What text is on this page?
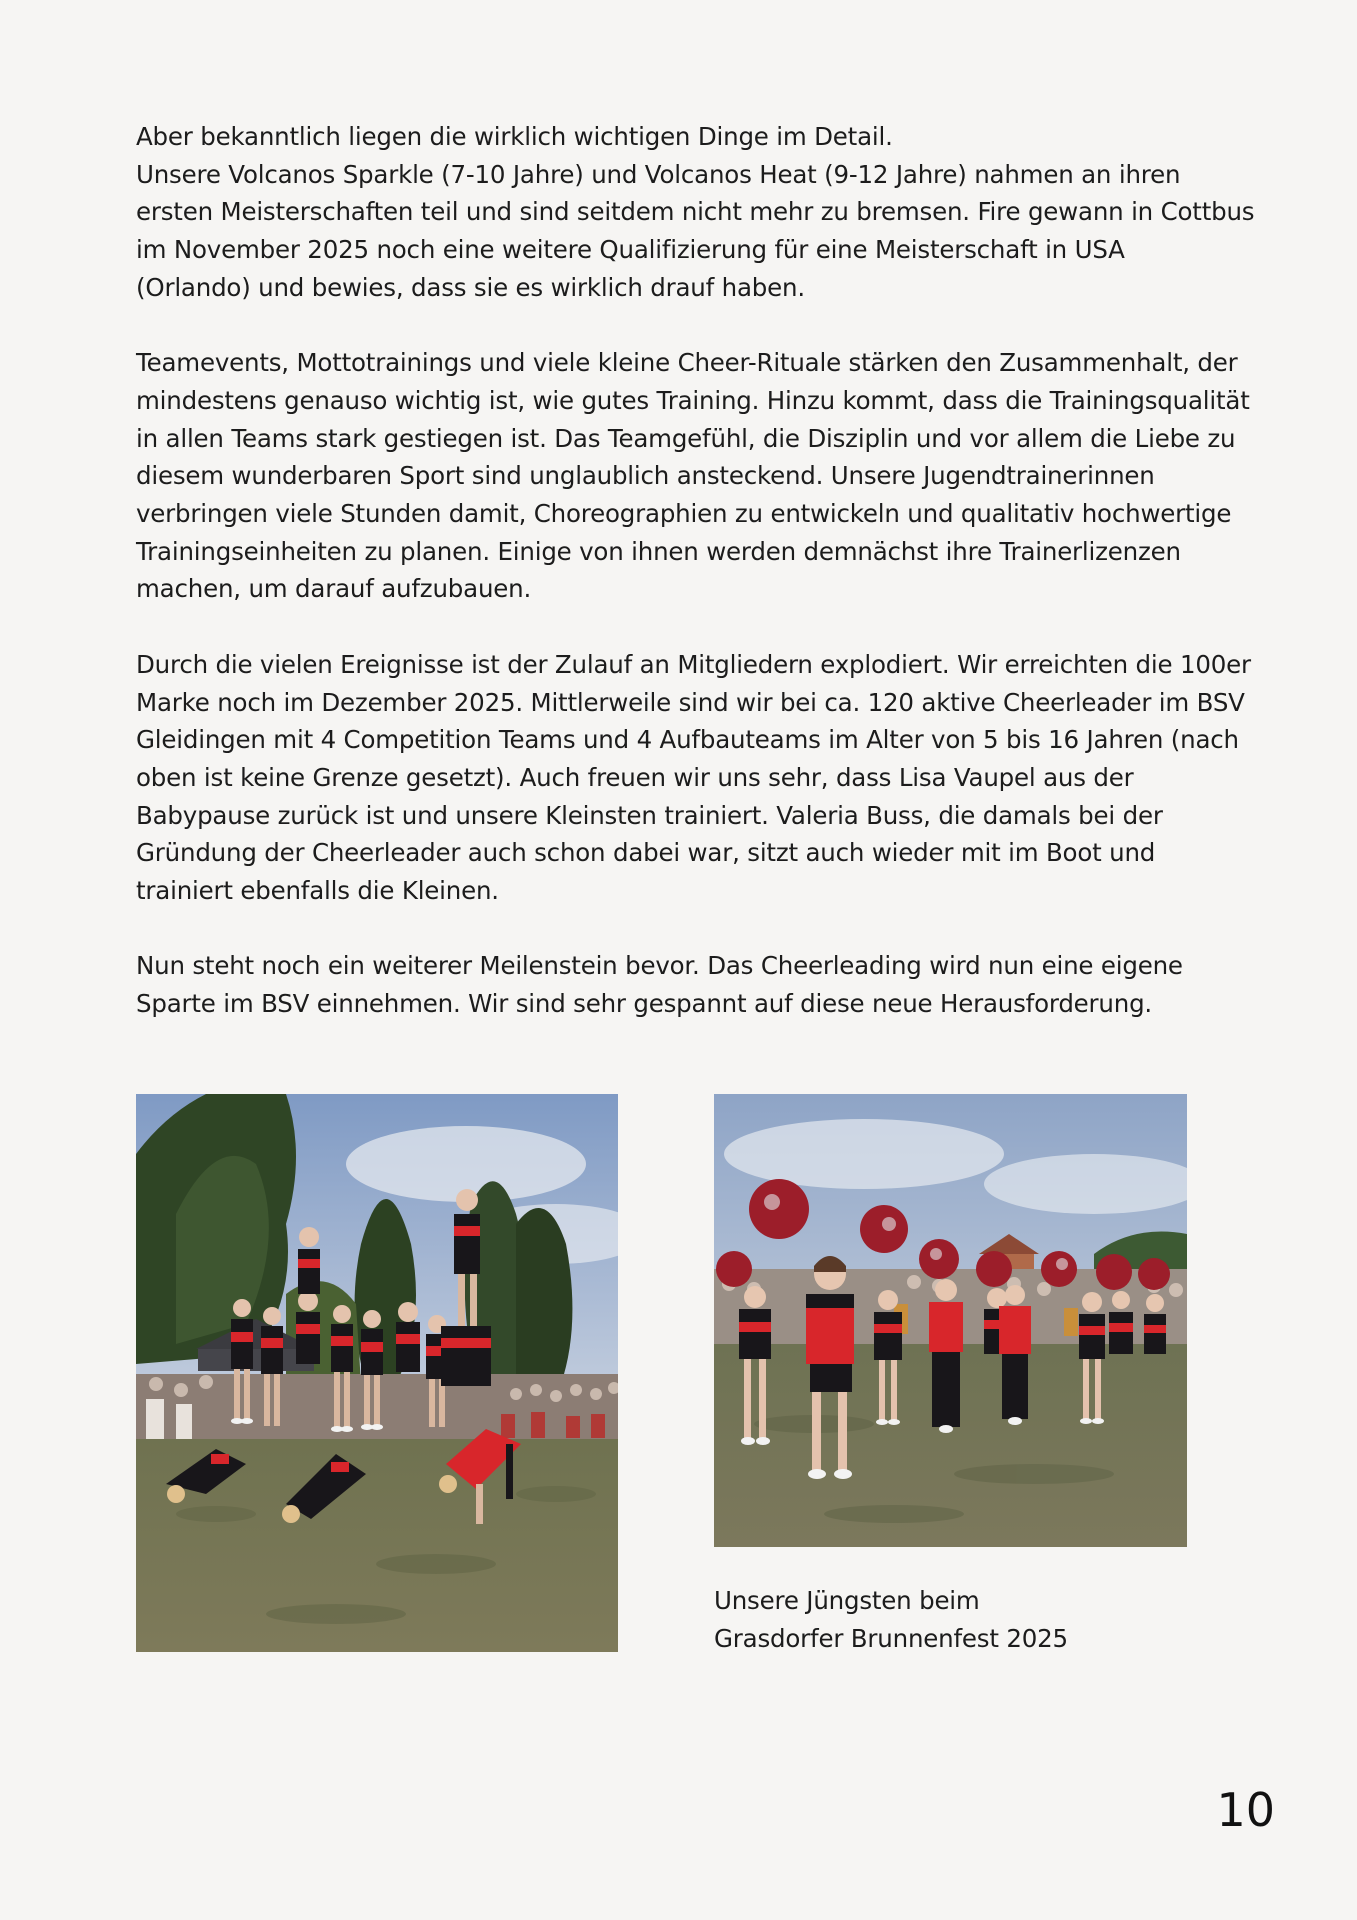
Aber bekanntlich liegen die wirklich wichtigen Dinge im Detail.
Unsere Volcanos Sparkle (7-10 Jahre) und Volcanos Heat (9-12 Jahre) nahmen an ihren
ersten Meisterschaften teil und sind seitdem nicht mehr zu bremsen. Fire gewann in Cottbus
im November 2025 noch eine weitere Qualifizierung für eine Meisterschaft in USA
(Orlando) und bewies, dass sie es wirklich drauf haben.

Teamevents, Mottotrainings und viele kleine Cheer-Rituale stärken den Zusammenhalt, der
mindestens genauso wichtig ist, wie gutes Training. Hinzu kommt, dass die Trainingsqualität
in allen Teams stark gestiegen ist. Das Teamgefühl, die Disziplin und vor allem die Liebe zu
diesem wunderbaren Sport sind unglaublich ansteckend. Unsere Jugendtrainerinnen
verbringen viele Stunden damit, Choreographien zu entwickeln und qualitativ hochwertige
Trainingseinheiten zu planen. Einige von ihnen werden demnächst ihre Trainerlizenzen
machen, um darauf aufzubauen.

Durch die vielen Ereignisse ist der Zulauf an Mitgliedern explodiert. Wir erreichten die 100er
Marke noch im Dezember 2025. Mittlerweile sind wir bei ca. 120 aktive Cheerleader im BSV
Gleidingen mit 4 Competition Teams und 4 Aufbauteams im Alter von 5 bis 16 Jahren (nach
oben ist keine Grenze gesetzt). Auch freuen wir uns sehr, dass Lisa Vaupel aus der
Babypause zurück ist und unsere Kleinsten trainiert. Valeria Buss, die damals bei der
Gründung der Cheerleader auch schon dabei war, sitzt auch wieder mit im Boot und
trainiert ebenfalls die Kleinen.

Nun steht noch ein weiterer Meilenstein bevor. Das Cheerleading wird nun eine eigene
Sparte im BSV einnehmen. Wir sind sehr gespannt auf diese neue Herausforderung.

Unsere Jüngsten beim
Grasdorfer Brunnenfest 2025
10
